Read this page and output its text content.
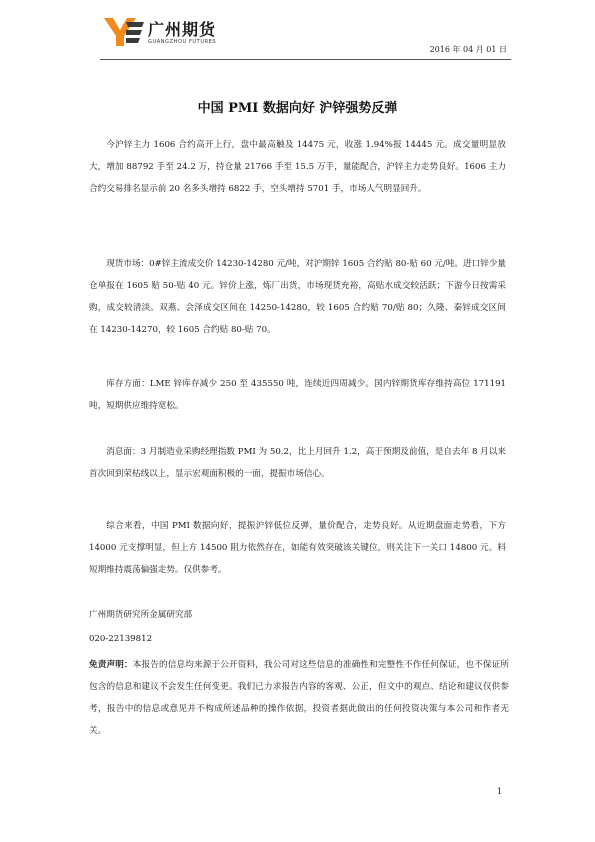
广州期货
GUANGZHOU FUTURES
2016 年 04 月 01 日
中国 PMI 数据向好 沪锌强势反弹

今沪锌主力 1606 合约高开上行，盘中最高触及 14475 元，收涨 1.94%报 14445 元。成交量明显放大，增加 88792 手至 24.2 万，持仓量 21766 手至 15.5 万手，量能配合，沪锌主力走势良好。1606 主力合约交易排名显示前 20 名多头增持 6822 手，空头增持 5701 手，市场人气明显回升。

现货市场：0#锌主流成交价 14230-14280 元/吨，对沪期锌 1605 合约贴 80-贴 60 元/吨。进口锌少量仓单报在 1605 贴 50-贴 40 元。锌价上涨，炼厂出货，市场现货充裕，高贴水成交较活跃；下游今日按需采购，成交较清淡。双燕、会泽成交区间在 14250-14280，较 1605 合约贴 70/贴 80；久隆、秦锌成交区间在 14230-14270，较 1605 合约贴 80-贴 70。

库存方面：LME 锌库存减少 250 至 435550 吨，连续近四周减少。国内锌期货库存维持高位 171191 吨，短期供应维持宽松。

消息面：3 月制造业采购经理指数 PMI 为 50.2，比上月回升 1.2，高于预期及前值，是自去年 8 月以来首次回到荣枯线以上，显示宏观面积极的一面，提振市场信心。

综合来看，中国 PMI 数据向好，提振沪锌低位反弹，量价配合，走势良好。从近期盘面走势看，下方 14000 元支撑明显，但上方 14500 阻力依然存在，如能有效突破该关键位，则关注下一关口 14800 元。料短期维持震荡偏强走势。仅供参考。

广州期货研究所金属研究部
020-22139812

免责声明：本报告的信息均来源于公开资料，我公司对这些信息的准确性和完整性不作任何保证，也不保证所包含的信息和建议不会发生任何变更。我们已力求报告内容的客观、公正，但文中的观点、结论和建议仅供参考，报告中的信息或意见并不构成所述品种的操作依据，投资者据此做出的任何投资决策与本公司和作者无关。

1
